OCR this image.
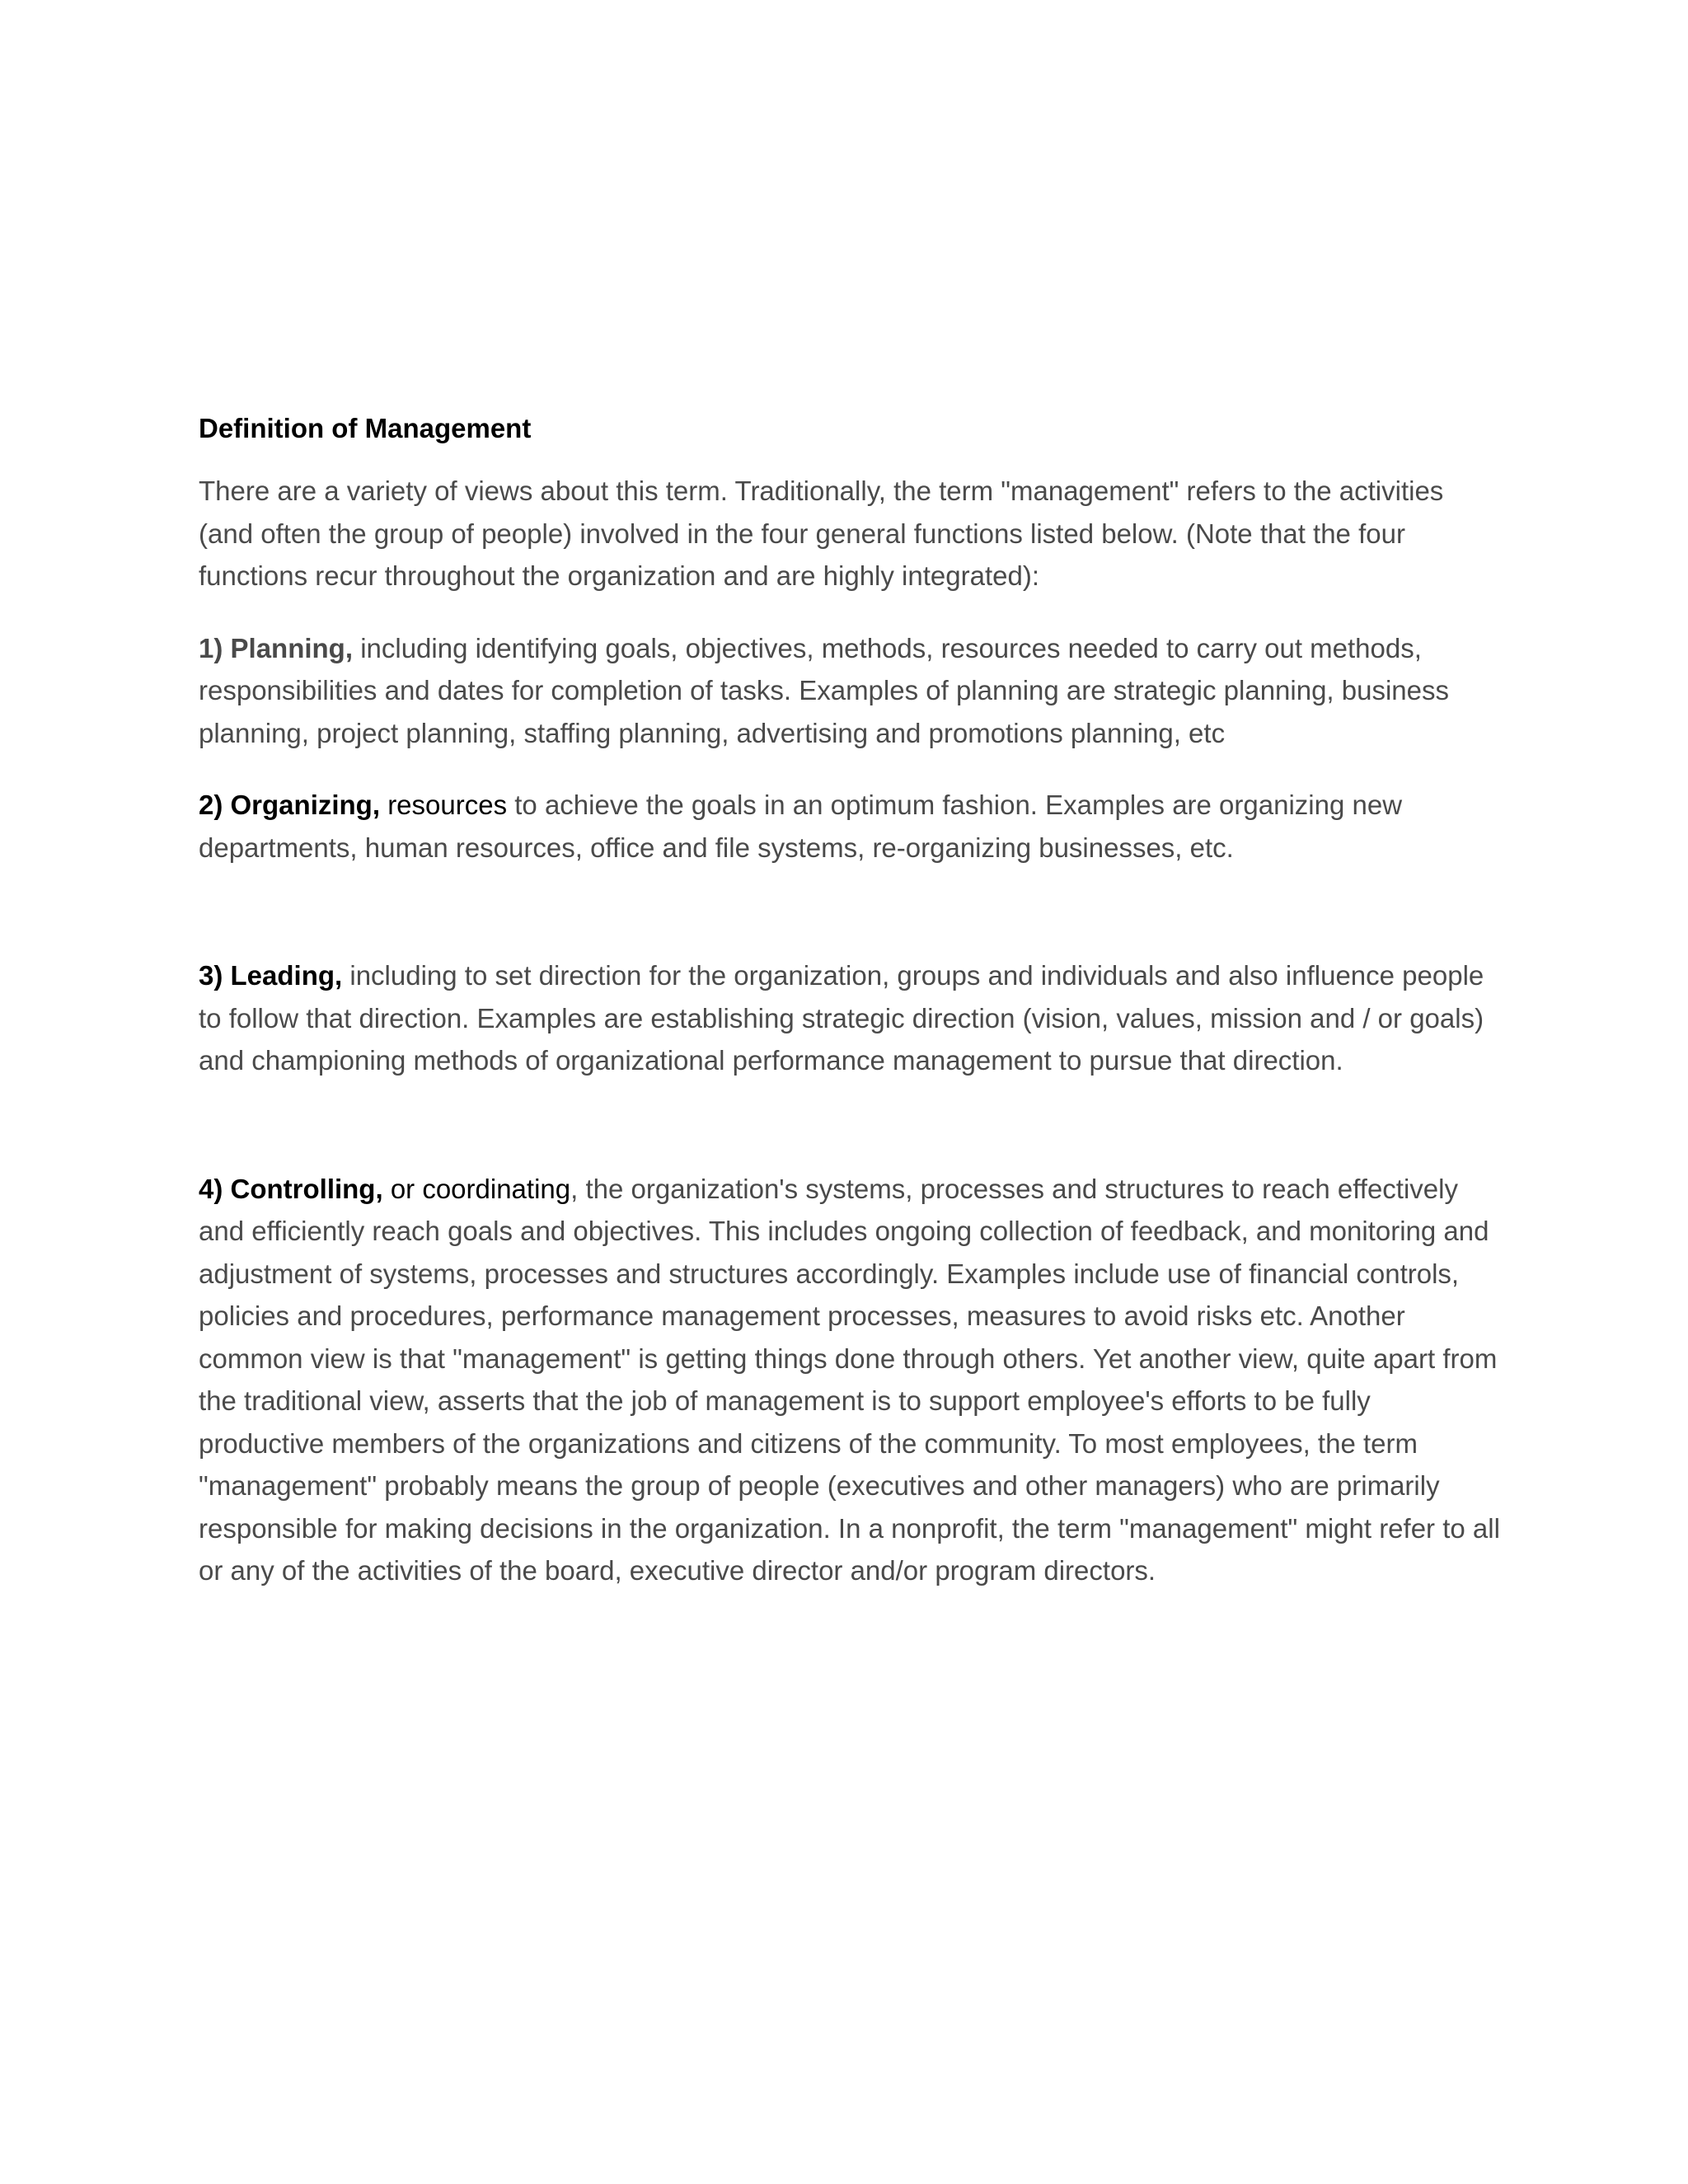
Definition of Management

There are a variety of views about this term. Traditionally, the term "management" refers to the activities (and often the group of people) involved in the four general functions listed below. (Note that the four functions recur throughout the organization and are highly integrated):

1) Planning, including identifying goals, objectives, methods, resources needed to carry out methods, responsibilities and dates for completion of tasks. Examples of planning are strategic planning, business planning, project planning, staffing planning, advertising and promotions planning, etc

2) Organizing, resources to achieve the goals in an optimum fashion. Examples are organizing new departments, human resources, office and file systems, re-organizing businesses, etc.

3) Leading, including to set direction for the organization, groups and individuals and also influence people to follow that direction. Examples are establishing strategic direction (vision, values, mission and / or goals) and championing methods of organizational performance management to pursue that direction.

4) Controlling, or coordinating, the organization's systems, processes and structures to reach effectively and efficiently reach goals and objectives. This includes ongoing collection of feedback, and monitoring and adjustment of systems, processes and structures accordingly. Examples include use of financial controls, policies and procedures, performance management processes, measures to avoid risks etc. Another common view is that "management" is getting things done through others. Yet another view, quite apart from the traditional view, asserts that the job of management is to support employee's efforts to be fully productive members of the organizations and citizens of the community. To most employees, the term "management" probably means the group of people (executives and other managers) who are primarily responsible for making decisions in the organization. In a nonprofit, the term "management" might refer to all or any of the activities of the board, executive director and/or program directors.
